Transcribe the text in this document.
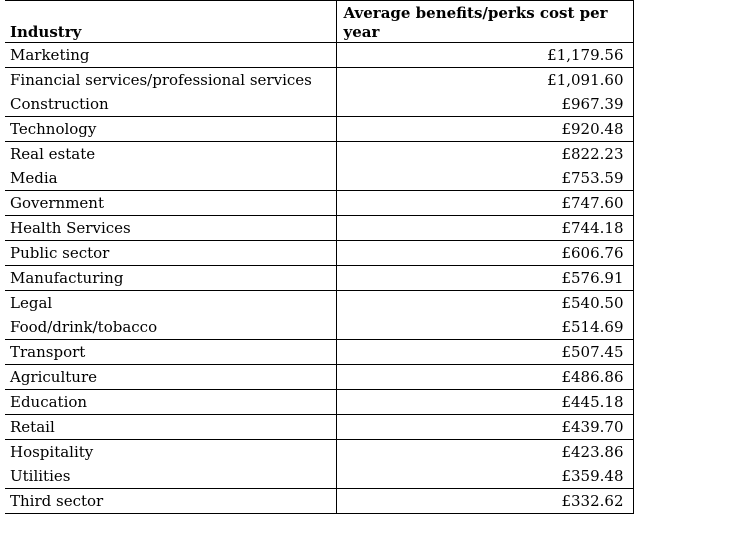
Industry	Average benefits/perks cost per year
Marketing	£1,179.56
Financial services/professional services	£1,091.60
Construction	£967.39
Technology	£920.48
Real estate	£822.23
Media	£753.59
Government	£747.60
Health Services	£744.18
Public sector	£606.76
Manufacturing	£576.91
Legal	£540.50
Food/drink/tobacco	£514.69
Transport	£507.45
Agriculture	£486.86
Education	£445.18
Retail	£439.70
Hospitality	£423.86
Utilities	£359.48
Third sector	£332.62
